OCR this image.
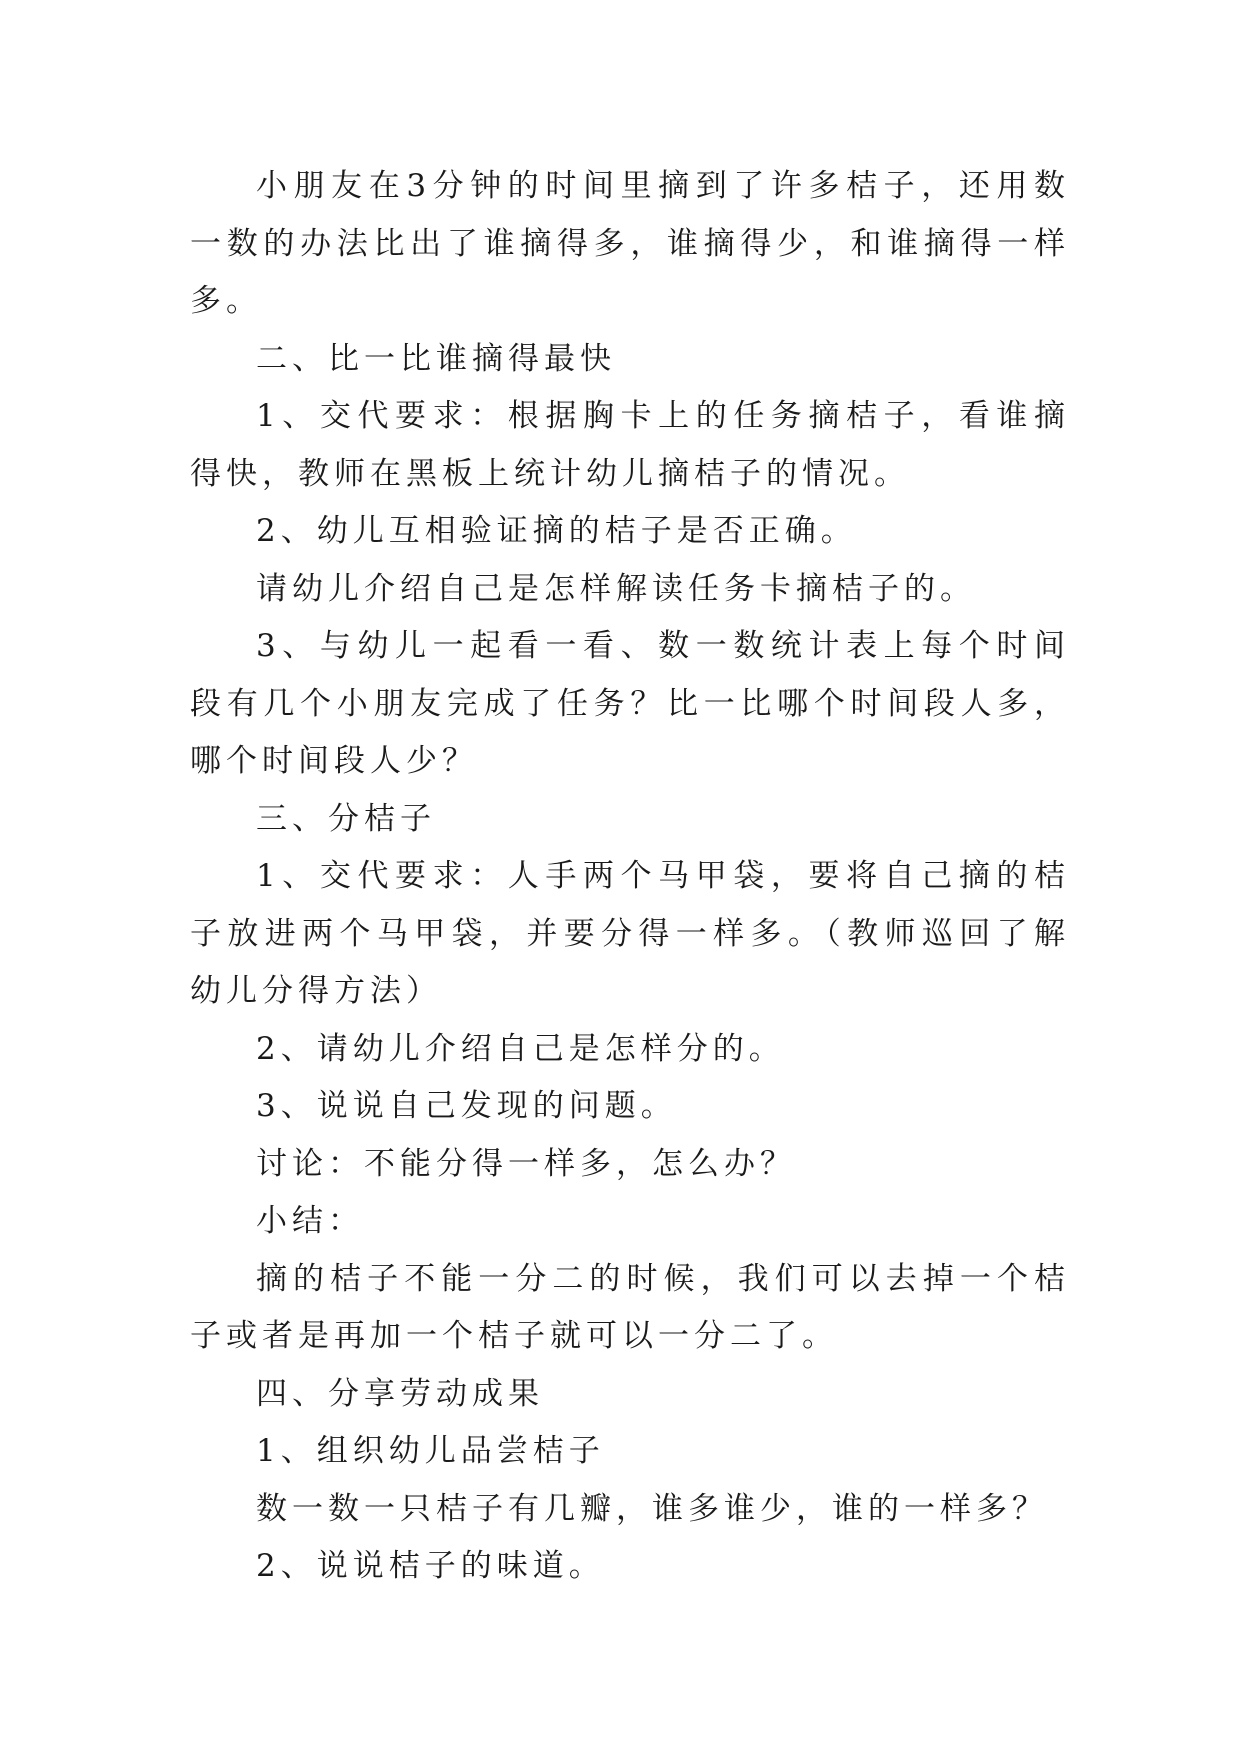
小朋友在3分钟的时间里摘到了许多桔子，还用数一数的办法比出了谁摘得多，谁摘得少，和谁摘得一样多。

二、比一比谁摘得最快

1、交代要求：根据胸卡上的任务摘桔子，看谁摘得快，教师在黑板上统计幼儿摘桔子的情况。

2、幼儿互相验证摘的桔子是否正确。

请幼儿介绍自己是怎样解读任务卡摘桔子的。

3、与幼儿一起看一看、数一数统计表上每个时间段有几个小朋友完成了任务？比一比哪个时间段人多，哪个时间段人少？

三、分桔子

1、交代要求：人手两个马甲袋，要将自己摘的桔子放进两个马甲袋，并要分得一样多。（教师巡回了解幼儿分得方法）

2、请幼儿介绍自己是怎样分的。

3、说说自己发现的问题。

讨论：不能分得一样多，怎么办？

小结：

摘的桔子不能一分二的时候，我们可以去掉一个桔子或者是再加一个桔子就可以一分二了。

四、分享劳动成果

1、组织幼儿品尝桔子

数一数一只桔子有几瓣，谁多谁少，谁的一样多？

2、说说桔子的味道。
